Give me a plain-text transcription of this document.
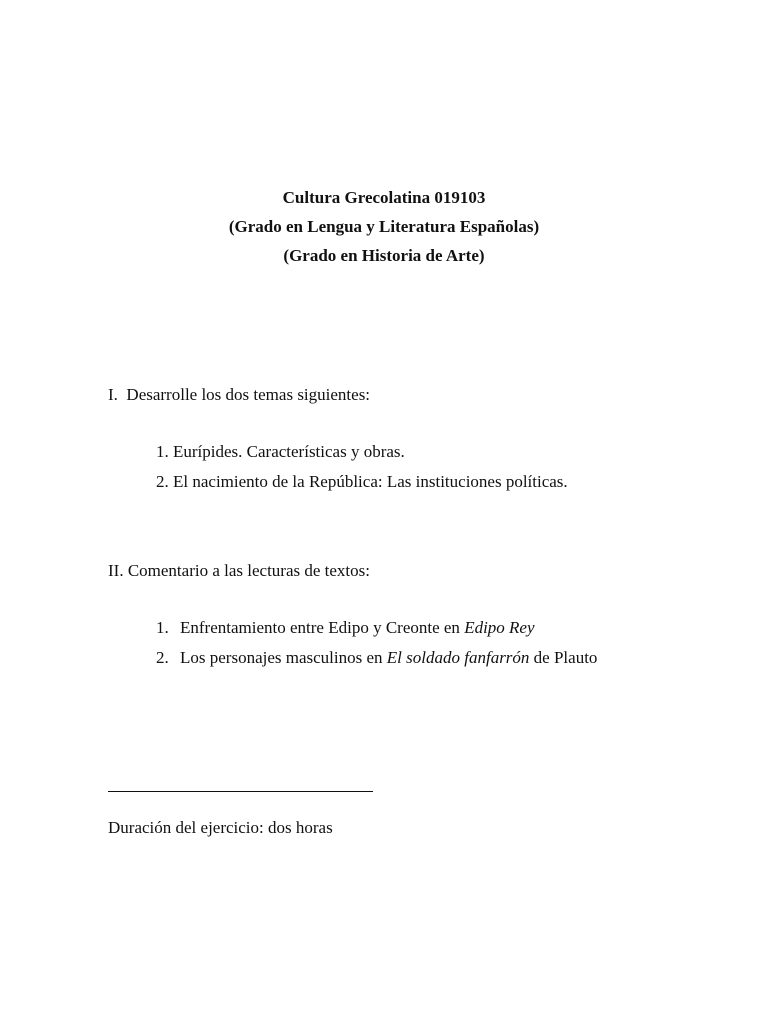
Cultura Grecolatina 019103
(Grado en Lengua y Literatura Españolas)
(Grado en Historia de Arte)
I.  Desarrolle los dos temas siguientes:
1. Eurípides. Características y obras.
2. El nacimiento de la República: Las instituciones políticas.
II. Comentario a las lecturas de textos:
1. Enfrentamiento entre Edipo y Creonte en Edipo Rey
2. Los personajes masculinos en El soldado fanfarrón de Plauto
Duración del ejercicio: dos horas
